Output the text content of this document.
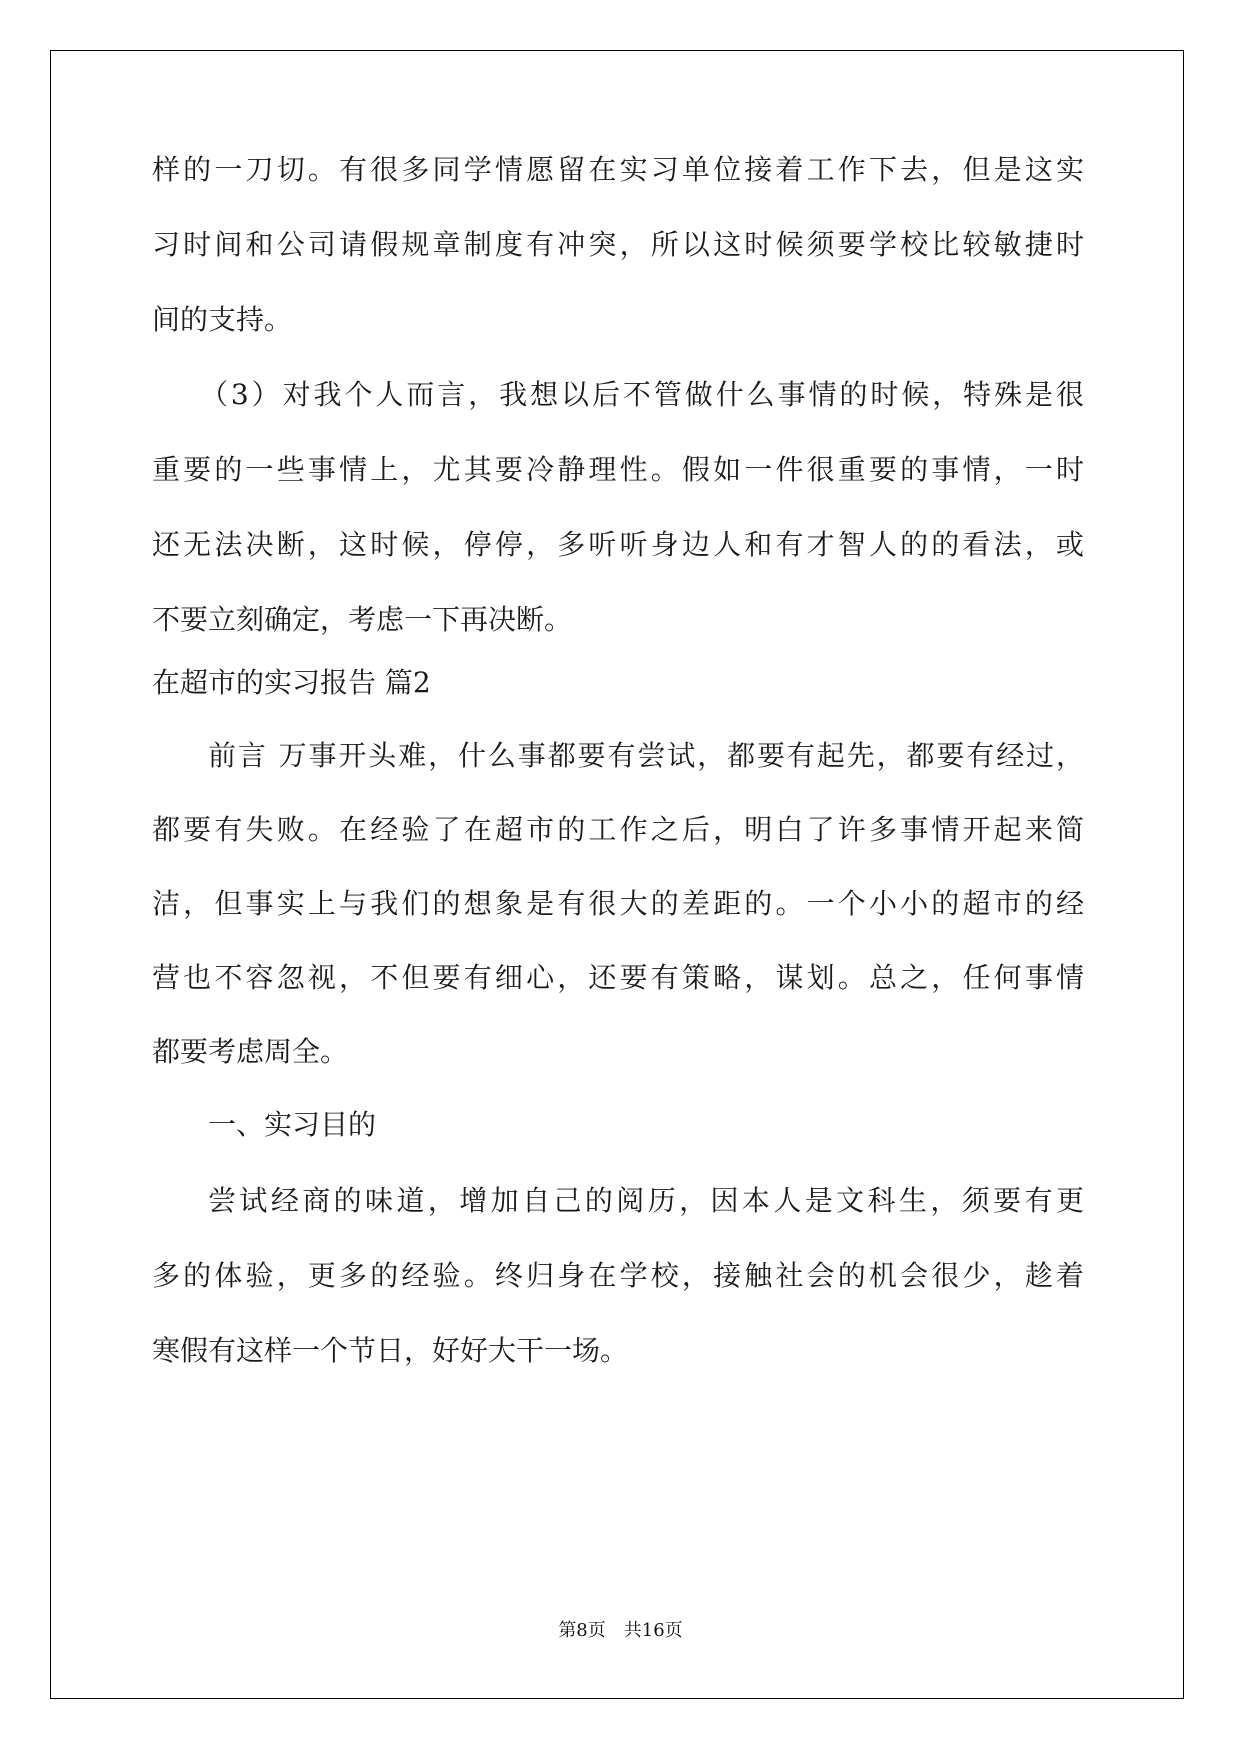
样的一刀切。有很多同学情愿留在实习单位接着工作下去，但是这实
习时间和公司请假规章制度有冲突，所以这时候须要学校比较敏捷时
间的支持。
（3）对我个人而言，我想以后不管做什么事情的时候，特殊是很
重要的一些事情上，尤其要冷静理性。假如一件很重要的事情，一时
还无法决断，这时候，停停，多听听身边人和有才智人的的看法，或
不要立刻确定，考虑一下再决断。
在超市的实习报告 篇2
前言 万事开头难，什么事都要有尝试，都要有起先，都要有经过，
都要有失败。在经验了在超市的工作之后，明白了许多事情开起来简
洁，但事实上与我们的想象是有很大的差距的。一个小小的超市的经
营也不容忽视，不但要有细心，还要有策略，谋划。总之，任何事情
都要考虑周全。
一、实习目的
尝试经商的味道，增加自己的阅历，因本人是文科生，须要有更
多的体验，更多的经验。终归身在学校，接触社会的机会很少，趁着
寒假有这样一个节日，好好大干一场。
第8页　共16页
